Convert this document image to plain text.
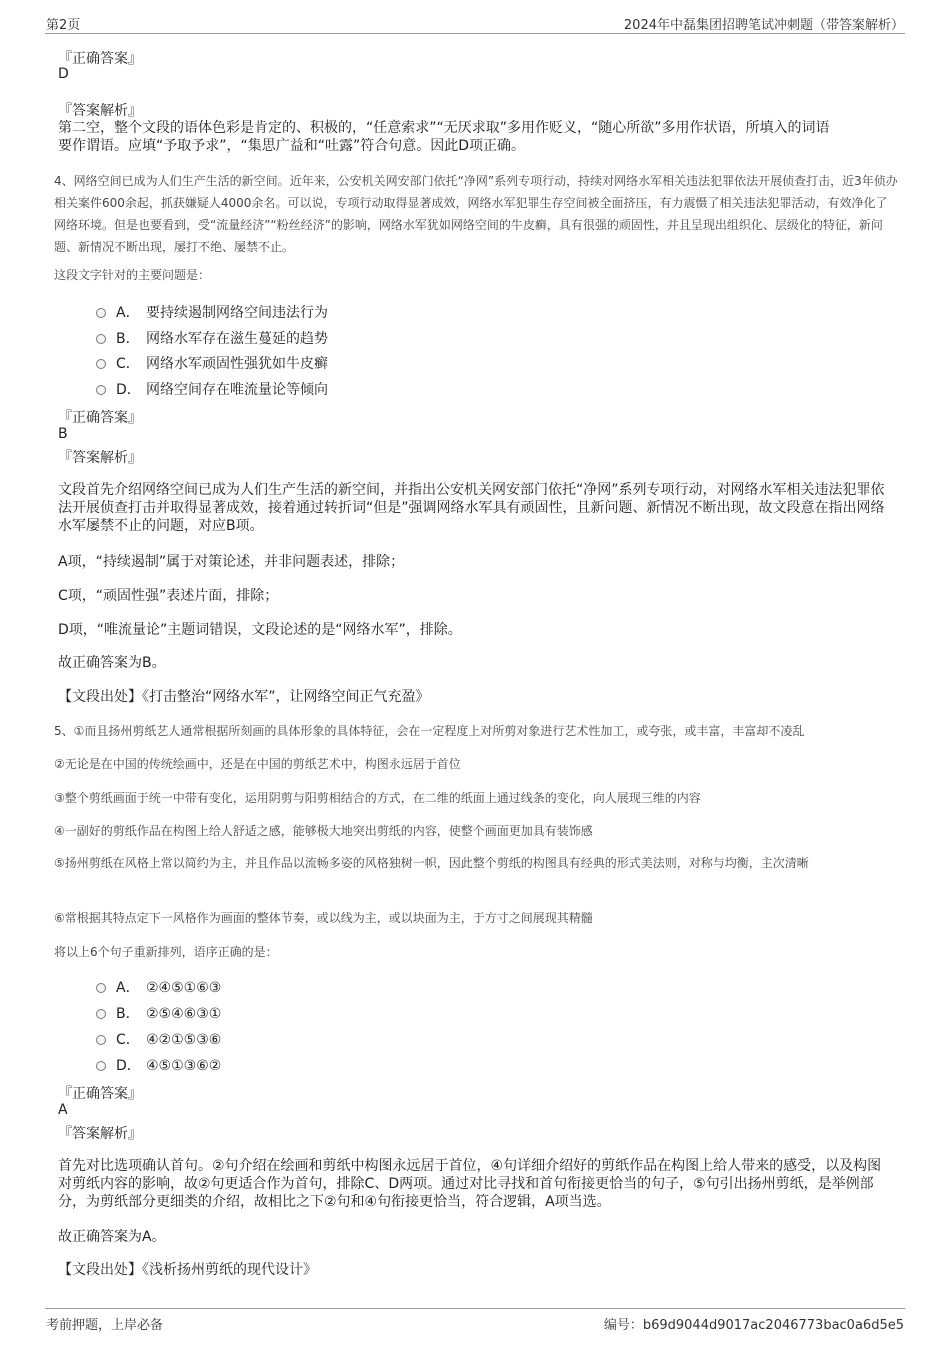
第2页	2024年中磊集团招聘笔试冲刺题（带答案解析）
『正确答案』
D
『答案解析』
第二空，整个文段的语体色彩是肯定的、积极的，“任意索求”“无厌求取”多用作贬义，“随心所欲”多用作状语，所填入的词语
要作谓语。应填“予取予求”，“集思广益和“吐露”符合句意。因此D项正确。
4、网络空间已成为人们生产生活的新空间。近年来，公安机关网安部门依托“净网”系列专项行动，持续对网络水军相关违法犯罪依法开展侦查打击，近3年侦办相关案件600余起，抓获嫌疑人4000余名。可以说，专项行动取得显著成效，网络水军犯罪生存空间被全面挤压，有力震慑了相关违法犯罪活动，有效净化了网络环境。但是也要看到，受“流量经济”“粉丝经济”的影响，网络水军犹如网络空间的牛皮癣，具有很强的顽固性，并且呈现出组织化、层级化的特征，新问题、新情况不断出现，屡打不绝、屡禁不止。
这段文字针对的主要问题是：
A． 要持续遏制网络空间违法行为
B． 网络水军存在滋生蔓延的趋势
C． 网络水军顽固性强犹如牛皮癣
D． 网络空间存在唯流量论等倾向
『正确答案』
B
『答案解析』
文段首先介绍网络空间已成为人们生产生活的新空间，并指出公安机关网安部门依托“净网”系列专项行动，对网络水军相关违法犯罪依法开展侦查打击并取得显著成效，接着通过转折词“但是”强调网络水军具有顽固性，且新问题、新情况不断出现，故文段意在指出网络水军屡禁不止的问题，对应B项。
A项，“持续遏制”属于对策论述，并非问题表述，排除；
C项，“顽固性强”表述片面，排除；
D项，“唯流量论”主题词错误，文段论述的是“网络水军”，排除。
故正确答案为B。
【文段出处】《打击整治“网络水军”，让网络空间正气充盈》
5、①而且扬州剪纸艺人通常根据所刻画的具体形象的具体特征，会在一定程度上对所剪对象进行艺术性加工，或夸张，或丰富，丰富却不凌乱
②无论是在中国的传统绘画中，还是在中国的剪纸艺术中，构图永远居于首位
③整个剪纸画面于统一中带有变化，运用阴剪与阳剪相结合的方式，在二维的纸面上通过线条的变化，向人展现三维的内容
④一副好的剪纸作品在构图上给人舒适之感，能够极大地突出剪纸的内容，使整个画面更加具有装饰感
⑤扬州剪纸在风格上常以简约为主，并且作品以流畅多姿的风格独树一帜，因此整个剪纸的构图具有经典的形式美法则，对称与均衡，主次清晰
⑥常根据其特点定下一风格作为画面的整体节奏，或以线为主，或以块面为主，于方寸之间展现其精髓
将以上6个句子重新排列，语序正确的是：
A． ②④⑤①⑥③
B． ②⑤④⑥③①
C． ④②①⑤③⑥
D． ④⑤①③⑥②
『正确答案』
A
『答案解析』
首先对比选项确认首句。②句介绍在绘画和剪纸中构图永远居于首位，④句详细介绍好的剪纸作品在构图上给人带来的感受，以及构图对剪纸内容的影响，故②句更适合作为首句，排除C、D两项。通过对比寻找和首句衔接更恰当的句子，⑤句引出扬州剪纸，是举例部分，为剪纸部分更细类的介绍，故相比之下②句和④句衔接更恰当，符合逻辑，A项当选。
故正确答案为A。
【文段出处】《浅析扬州剪纸的现代设计》
考前押题，上岸必备	编号：b69d9044d9017ac2046773bac0a6d5e5
